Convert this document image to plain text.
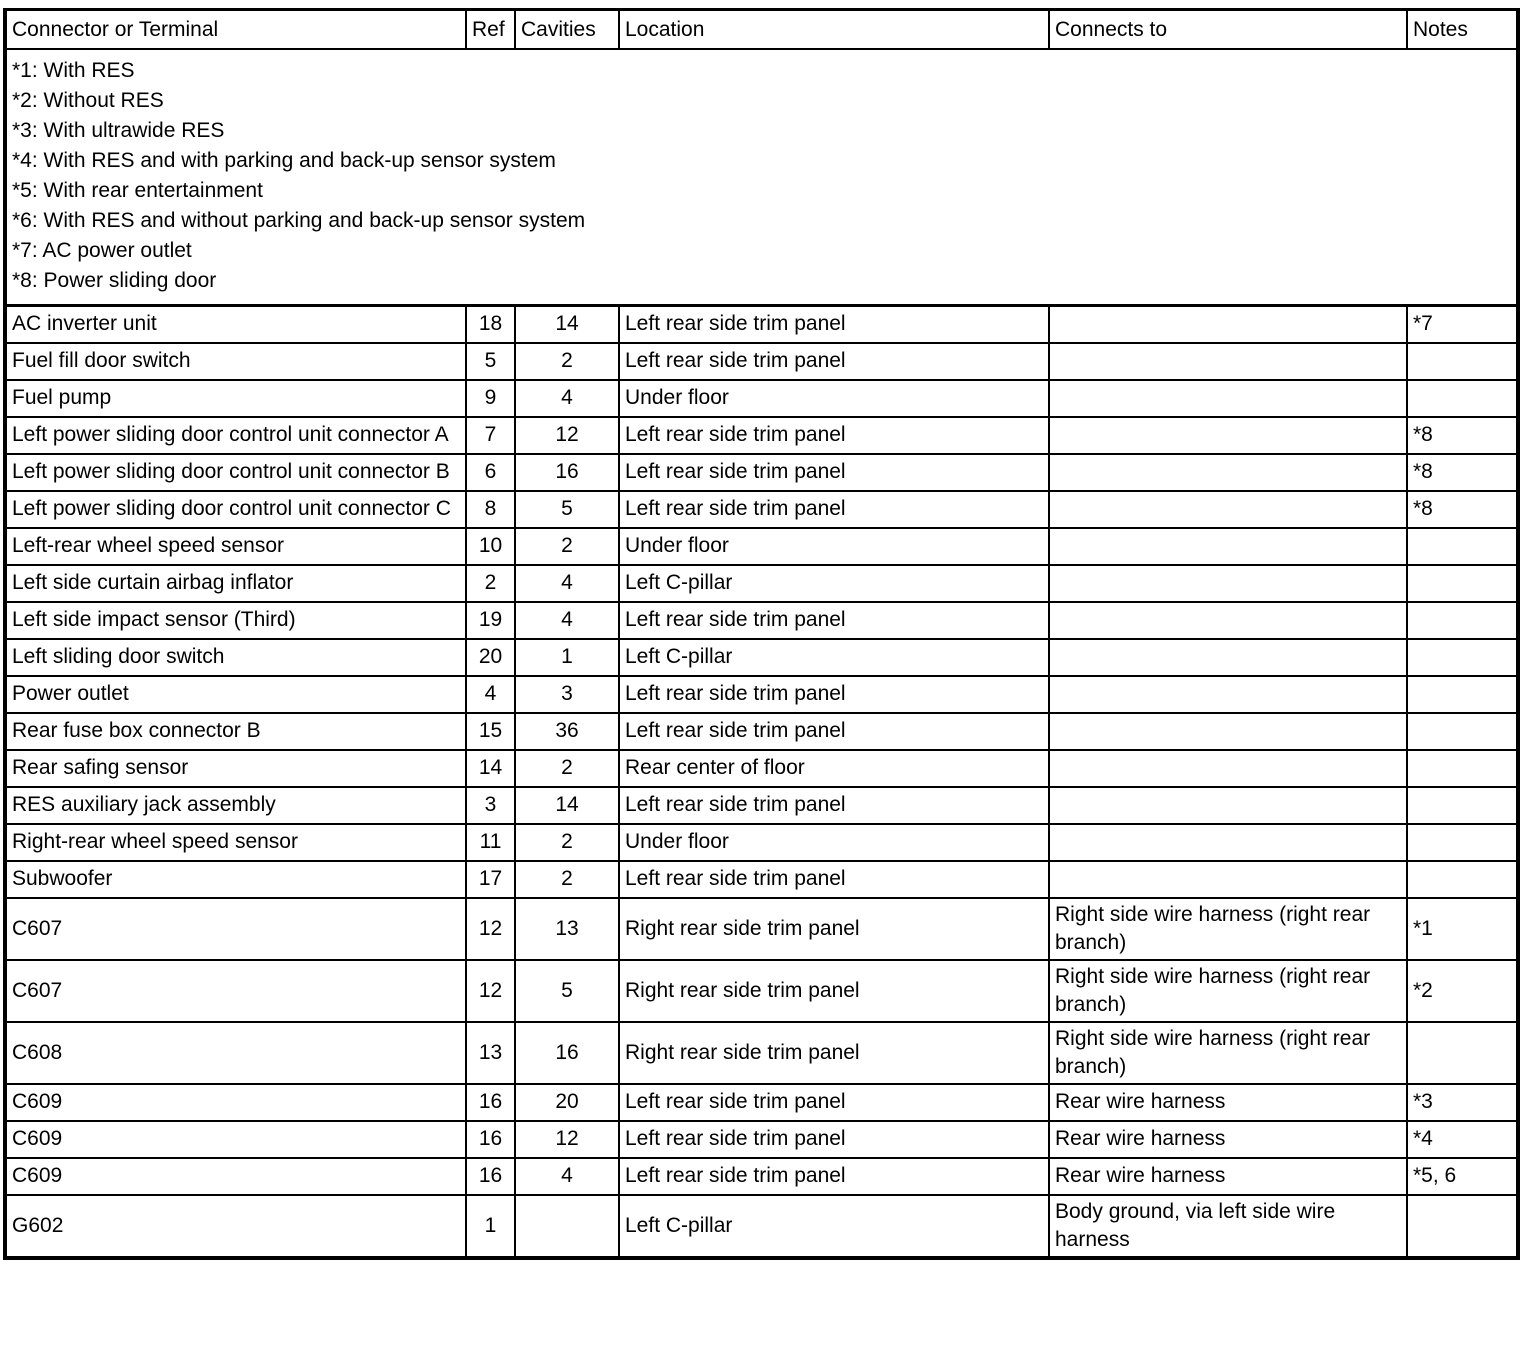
Connector or Terminal	Ref	Cavities	Location	Connects to	Notes

*1: With RES
*2: Without RES
*3: With ultrawide RES
*4: With RES and with parking and back-up sensor system
*5: With rear entertainment
*6: With RES and without parking and back-up sensor system
*7: AC power outlet
*8: Power sliding door

AC inverter unit	18	14	Left rear side trim panel		*7
Fuel fill door switch	5	2	Left rear side trim panel		
Fuel pump	9	4	Under floor		
Left power sliding door control unit connector A	7	12	Left rear side trim panel		*8
Left power sliding door control unit connector B	6	16	Left rear side trim panel		*8
Left power sliding door control unit connector C	8	5	Left rear side trim panel		*8
Left-rear wheel speed sensor	10	2	Under floor		
Left side curtain airbag inflator	2	4	Left C-pillar		
Left side impact sensor (Third)	19	4	Left rear side trim panel		
Left sliding door switch	20	1	Left C-pillar		
Power outlet	4	3	Left rear side trim panel		
Rear fuse box connector B	15	36	Left rear side trim panel		
Rear safing sensor	14	2	Rear center of floor		
RES auxiliary jack assembly	3	14	Left rear side trim panel		
Right-rear wheel speed sensor	11	2	Under floor		
Subwoofer	17	2	Left rear side trim panel		
C607	12	13	Right rear side trim panel	Right side wire harness (right rear branch)	*1
C607	12	5	Right rear side trim panel	Right side wire harness (right rear branch)	*2
C608	13	16	Right rear side trim panel	Right side wire harness (right rear branch)	
C609	16	20	Left rear side trim panel	Rear wire harness	*3
C609	16	12	Left rear side trim panel	Rear wire harness	*4
C609	16	4	Left rear side trim panel	Rear wire harness	*5, 6
G602	1		Left C-pillar	Body ground, via left side wire harness	
